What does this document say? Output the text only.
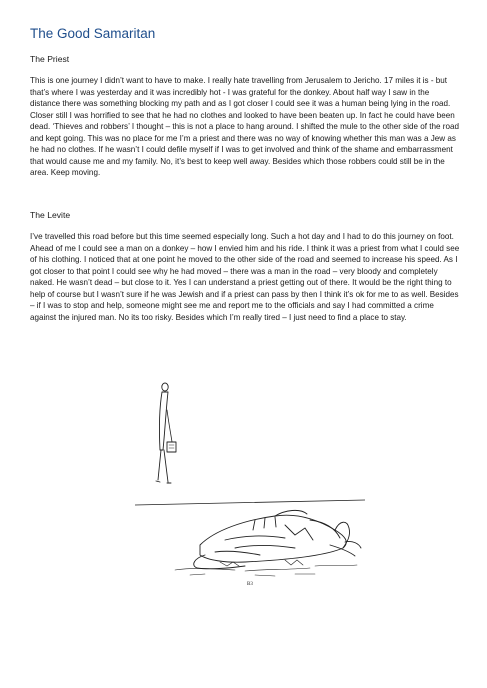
The Good Samaritan
The Priest

This is one journey I didn’t want to have to make. I really hate travelling from Jerusalem to Jericho. 17 miles it is - but that’s where I was yesterday and it was incredibly hot - I was grateful for the donkey. About half way I saw in the distance there was something blocking my path and as I got closer I could see it was a human being lying in the road. Closer still I was horrified to see that he had no clothes and looked to have been beaten up. In fact he could have been dead. ‘Thieves and robbers’ I thought – this is not a place to hang around. I shifted the mule to the other side of the road and kept going. This was no place for me I’m a priest and there was no way of knowing whether this man was a Jew as he had no clothes. If he wasn’t I could defile myself if I was to get involved and think of the shame and embarrassment that would cause me and my family. No, it’s best to keep well away. Besides which those robbers could still be in the area. Keep moving.

The Levite

I’ve travelled this road before but this time seemed especially long. Such a hot day and I had to do this journey on foot. Ahead of me I could see a man on a donkey – how I envied him and his ride. I think it was a priest from what I could see of his clothing. I noticed that at one point he moved to the other side of the road and seemed to increase his speed. As I got closer to that point I could see why he had moved – there was a man in the road – very bloody and completely naked. He wasn’t dead – but close to it. Yes I can understand a priest getting out of there. It would be the right thing to help of course but I wasn’t sure if he was Jewish and if a priest can pass by then I think it’s ok for me to as well. Besides – if I was to stop and help, someone might see me and report me to the officials and say I had committed a crime against the injured man. No its too risky. Besides which I’m really tired – I just need to find a place to stay.

B3
